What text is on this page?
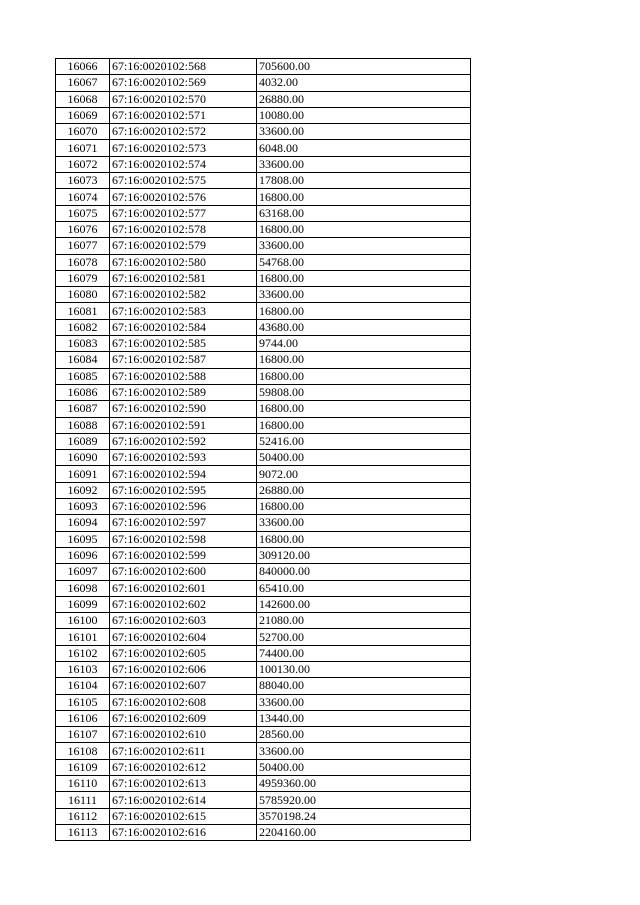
16066	67:16:0020102:568	705600.00
16067	67:16:0020102:569	4032.00
16068	67:16:0020102:570	26880.00
16069	67:16:0020102:571	10080.00
16070	67:16:0020102:572	33600.00
16071	67:16:0020102:573	6048.00
16072	67:16:0020102:574	33600.00
16073	67:16:0020102:575	17808.00
16074	67:16:0020102:576	16800.00
16075	67:16:0020102:577	63168.00
16076	67:16:0020102:578	16800.00
16077	67:16:0020102:579	33600.00
16078	67:16:0020102:580	54768.00
16079	67:16:0020102:581	16800.00
16080	67:16:0020102:582	33600.00
16081	67:16:0020102:583	16800.00
16082	67:16:0020102:584	43680.00
16083	67:16:0020102:585	9744.00
16084	67:16:0020102:587	16800.00
16085	67:16:0020102:588	16800.00
16086	67:16:0020102:589	59808.00
16087	67:16:0020102:590	16800.00
16088	67:16:0020102:591	16800.00
16089	67:16:0020102:592	52416.00
16090	67:16:0020102:593	50400.00
16091	67:16:0020102:594	9072.00
16092	67:16:0020102:595	26880.00
16093	67:16:0020102:596	16800.00
16094	67:16:0020102:597	33600.00
16095	67:16:0020102:598	16800.00
16096	67:16:0020102:599	309120.00
16097	67:16:0020102:600	840000.00
16098	67:16:0020102:601	65410.00
16099	67:16:0020102:602	142600.00
16100	67:16:0020102:603	21080.00
16101	67:16:0020102:604	52700.00
16102	67:16:0020102:605	74400.00
16103	67:16:0020102:606	100130.00
16104	67:16:0020102:607	88040.00
16105	67:16:0020102:608	33600.00
16106	67:16:0020102:609	13440.00
16107	67:16:0020102:610	28560.00
16108	67:16:0020102:611	33600.00
16109	67:16:0020102:612	50400.00
16110	67:16:0020102:613	4959360.00
16111	67:16:0020102:614	5785920.00
16112	67:16:0020102:615	3570198.24
16113	67:16:0020102:616	2204160.00
